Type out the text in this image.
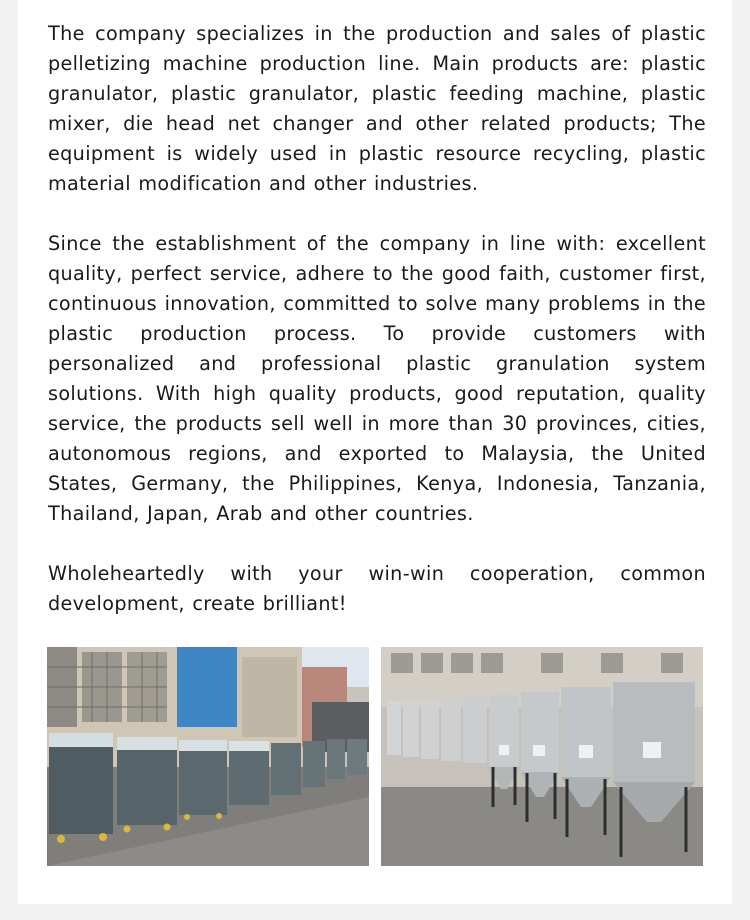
The company specializes in the production and sales of plastic pelletizing machine production line. Main products are: plastic granulator, plastic granulator, plastic feeding machine, plastic mixer, die head net changer and other related products; The equipment is widely used in plastic resource recycling, plastic material modification and other industries.

Since the establishment of the company in line with: excellent quality, perfect service, adhere to the good faith, customer first, continuous innovation, committed to solve many problems in the plastic production process. To provide customers with personalized and professional plastic granulation system solutions. With high quality products, good reputation, quality service, the products sell well in more than 30 provinces, cities, autonomous regions, and exported to Malaysia, the United States, Germany, the Philippines, Kenya, Indonesia, Tanzania, Thailand, Japan, Arab and other countries.

Wholeheartedly with your win-win cooperation, common development, create brilliant!
